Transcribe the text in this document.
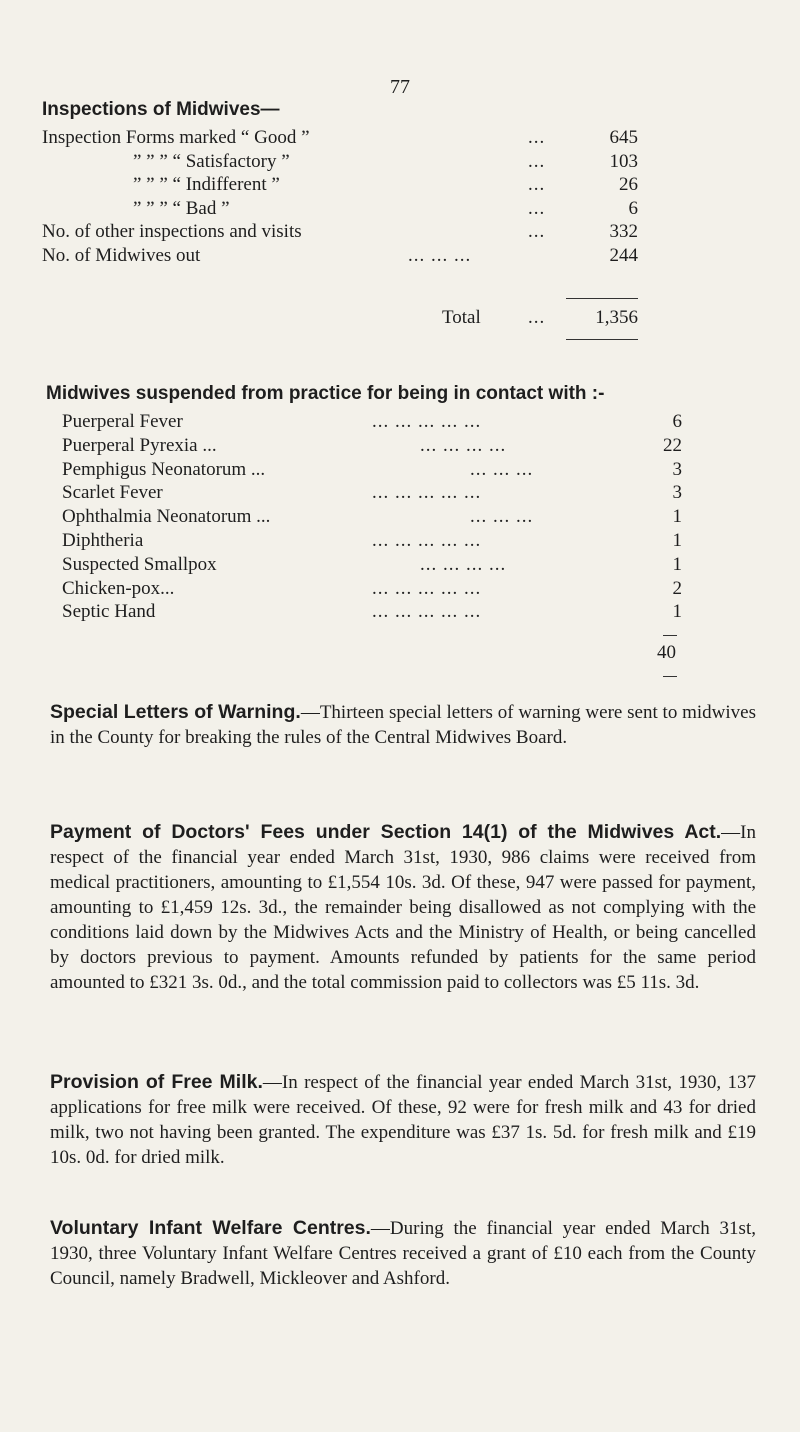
77
Inspections of Midwives—
Inspection Forms marked “ Good ”	...	645
” ” ” “ Satisfactory ”	...	103
” ” ” “ Indifferent ”	...	26
” ” ” “ Bad ”	...	6
No. of other inspections and visits	...	332
No. of Midwives out	... ... ...	244
Total ...	1,356
Midwives suspended from practice for being in contact with :-
Puerperal Fever	... ... ... ... ...	6
Puerperal Pyrexia ...	... ... ... ...	22
Pemphigus Neonatorum ...	... ... ...	3
Scarlet Fever	... ... ... ... ...	3
Ophthalmia Neonatorum ...	... ... ...	1
Diphtheria	... ... ... ... ...	1
Suspected Smallpox	... ... ... ...	1
Chicken-pox...	... ... ... ... ...	2
Septic Hand	... ... ... ... ...	1
40
Special Letters of Warning.—Thirteen special letters of warning were sent to midwives in the County for breaking the rules of the Central Midwives Board.
Payment of Doctors' Fees under Section 14(1) of the Midwives Act.—In respect of the financial year ended March 31st, 1930, 986 claims were received from medical practitioners, amounting to £1,554 10s. 3d. Of these, 947 were passed for payment, amounting to £1,459 12s. 3d., the remainder being disallowed as not complying with the conditions laid down by the Midwives Acts and the Ministry of Health, or being cancelled by doctors previous to payment. Amounts refunded by patients for the same period amounted to £321 3s. 0d., and the total commission paid to collectors was £5 11s. 3d.
Provision of Free Milk.—In respect of the financial year ended March 31st, 1930, 137 applications for free milk were received. Of these, 92 were for fresh milk and 43 for dried milk, two not having been granted. The expenditure was £37 1s. 5d. for fresh milk and £19 10s. 0d. for dried milk.
Voluntary Infant Welfare Centres.—During the financial year ended March 31st, 1930, three Voluntary Infant Welfare Centres received a grant of £10 each from the County Council, namely Bradwell, Mickleover and Ashford.
